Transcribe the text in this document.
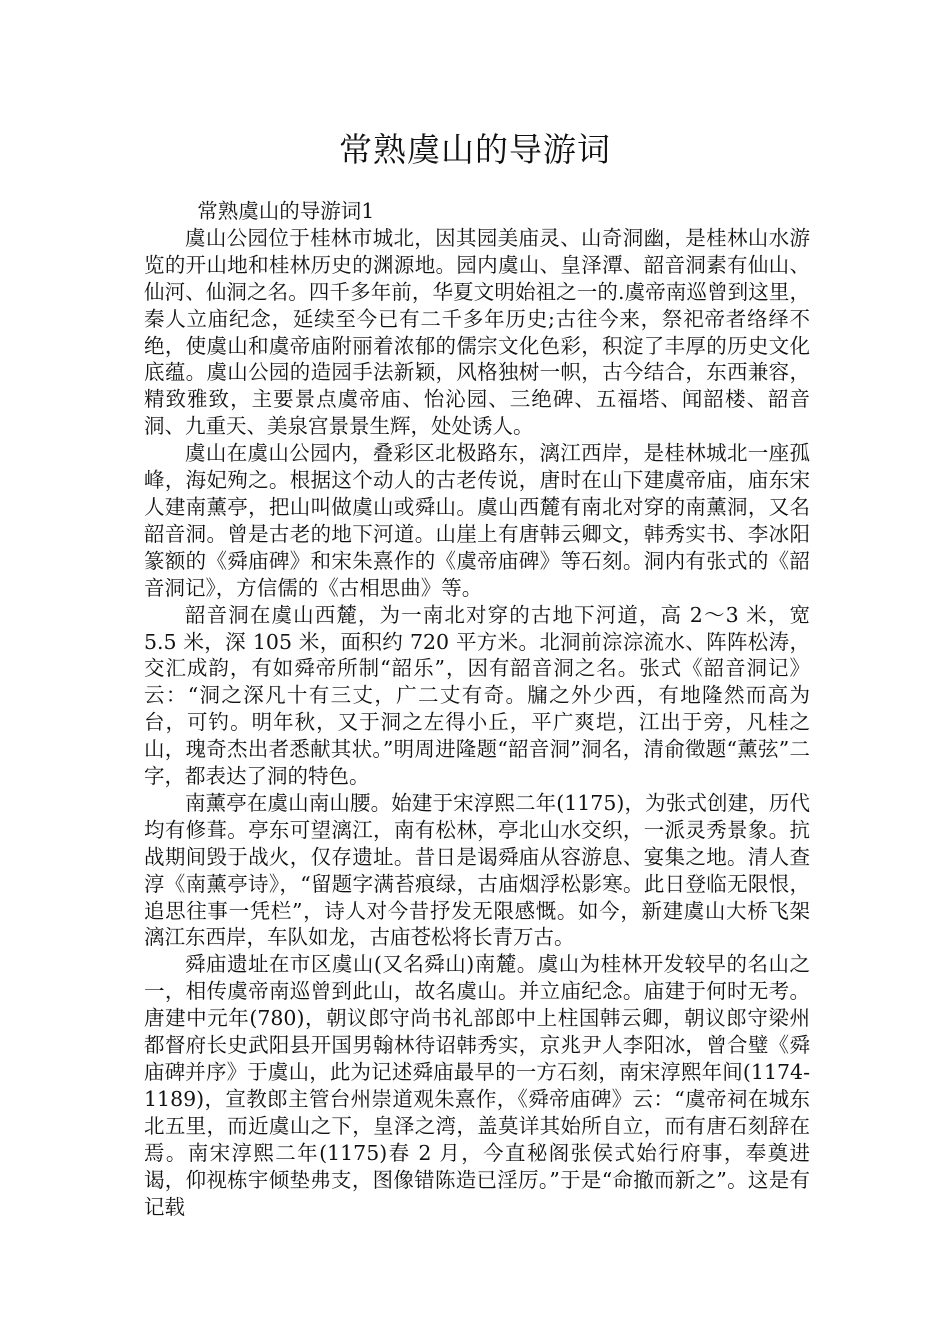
常熟虞山的导游词

常熟虞山的导游词1

虞山公园位于桂林市城北，因其园美庙灵、山奇洞幽，是桂林山水游览的开山地和桂林历史的渊源地。园内虞山、皇泽潭、韶音洞素有仙山、仙河、仙洞之名。四千多年前，华夏文明始祖之一的.虞帝南巡曾到这里，秦人立庙纪念，延续至今已有二千多年历史;古往今来，祭祀帝者络绎不绝，使虞山和虞帝庙附丽着浓郁的儒宗文化色彩，积淀了丰厚的历史文化底蕴。虞山公园的造园手法新颖，风格独树一帜，古今结合，东西兼容，精致雅致，主要景点虞帝庙、怡沁园、三绝碑、五福塔、闻韶楼、韶音洞、九重天、美泉宫景景生辉，处处诱人。

虞山在虞山公园内，叠彩区北极路东，漓江西岸，是桂林城北一座孤峰，海妃殉之。根据这个动人的古老传说，唐时在山下建虞帝庙，庙东宋人建南薰亭，把山叫做虞山或舜山。虞山西麓有南北对穿的南薰洞，又名韶音洞。曾是古老的地下河道。山崖上有唐韩云卿文，韩秀实书、李冰阳篆额的《舜庙碑》和宋朱熹作的《虞帝庙碑》等石刻。洞内有张式的《韶音洞记》，方信儒的《古相思曲》等。

韶音洞在虞山西麓，为一南北对穿的古地下河道，高 2～3 米，宽 5.5 米，深 105 米，面积约 720 平方米。北洞前淙淙流水、阵阵松涛，交汇成韵，有如舜帝所制“韶乐”，因有韶音洞之名。张式《韶音洞记》云：“洞之深凡十有三丈，广二丈有奇。牖之外少西，有地隆然而高为台，可钓。明年秋，又于洞之左得小丘，平广爽垲，江出于旁，凡桂之山，瑰奇杰出者悉献其状。”明周进隆题“韶音洞”洞名，清俞徵题“薰弦”二字，都表达了洞的特色。

南薰亭在虞山南山腰。始建于宋淳熙二年(1175)，为张式创建，历代均有修葺。亭东可望漓江，南有松林，亭北山水交织，一派灵秀景象。抗战期间毁于战火，仅存遗址。昔日是谒舜庙从容游息、宴集之地。清人查淳《南薰亭诗》，“留题字满苔痕绿，古庙烟浮松影寒。此日登临无限恨，追思往事一凭栏”，诗人对今昔抒发无限感慨。如今，新建虞山大桥飞架漓江东西岸，车队如龙，古庙苍松将长青万古。

舜庙遗址在市区虞山(又名舜山)南麓。虞山为桂林开发较早的名山之一，相传虞帝南巡曾到此山，故名虞山。并立庙纪念。庙建于何时无考。唐建中元年(780)，朝议郎守尚书礼部郎中上柱国韩云卿，朝议郎守梁州都督府长史武阳县开国男翰林待诏韩秀实，京兆尹人李阳冰，曾合璧《舜庙碑并序》于虞山，此为记述舜庙最早的一方石刻，南宋淳熙年间(1174-1189)，宣教郎主管台州崇道观朱熹作，《舜帝庙碑》云：“虞帝祠在城东北五里，而近虞山之下，皇泽之湾，盖莫详其始所自立，而有唐石刻辞在焉。南宋淳熙二年(1175)春 2 月，今直秘阁张侯式始行府事，奉奠进谒，仰视栋宇倾垫弗支，图像错陈造已淫厉。”于是“命撤而新之”。这是有记载
